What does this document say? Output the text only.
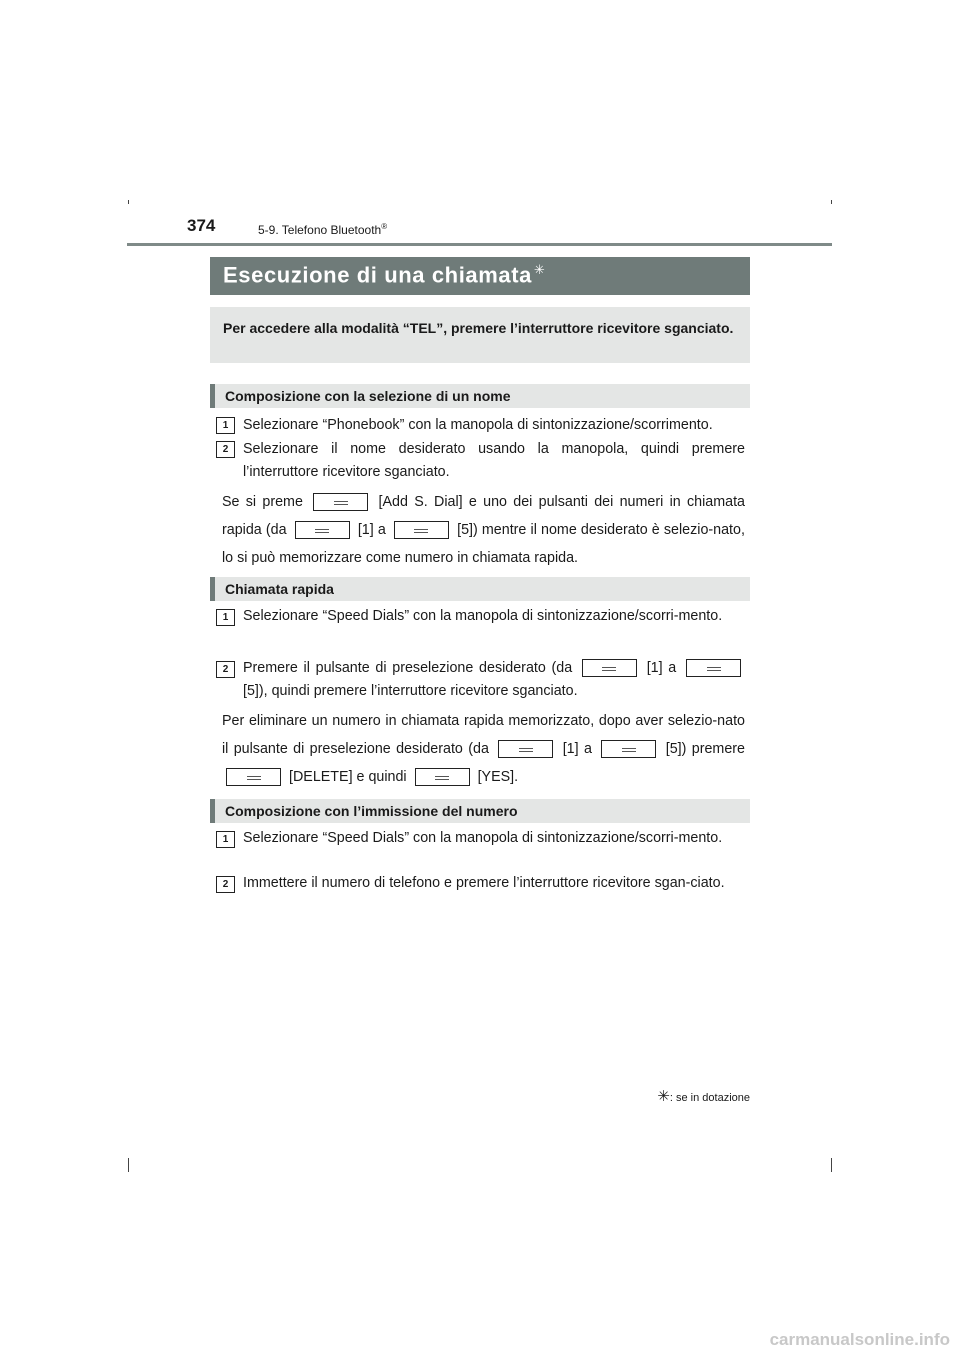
374	5-9. Telefono Bluetooth®
Esecuzione di una chiamata ✳
Per accedere alla modalità “TEL”, premere l’interruttore ricevitore sganciato.
Composizione con la selezione di un nome
1	Selezionare “Phonebook” con la manopola di sintonizzazione/scorrimento.
2	Selezionare il nome desiderato usando la manopola, quindi premere l’interruttore ricevitore sganciato.
Se si preme	[Add S. Dial] e uno dei pulsanti dei numeri in chiamata rapida (da	[1] a	[5]) mentre il nome desiderato è selezio-nato, lo si può memorizzare come numero in chiamata rapida.
Chiamata rapida
1	Selezionare “Speed Dials” con la manopola di sintonizzazione/scorri-mento.
2	Premere il pulsante di preselezione desiderato (da	[1] a  [5]), quindi premere l’interruttore ricevitore sganciato.
Per eliminare un numero in chiamata rapida memorizzato, dopo aver selezio-nato il pulsante di preselezione desiderato (da	[1] a	[5]) premere  [DELETE] e quindi	[YES].
Composizione con l’immissione del numero
1	Selezionare “Speed Dials” con la manopola di sintonizzazione/scorri-mento.
2	Immettere il numero di telefono e premere l’interruttore ricevitore sgan-ciato.
✳: se in dotazione
carmanualsonline.info
